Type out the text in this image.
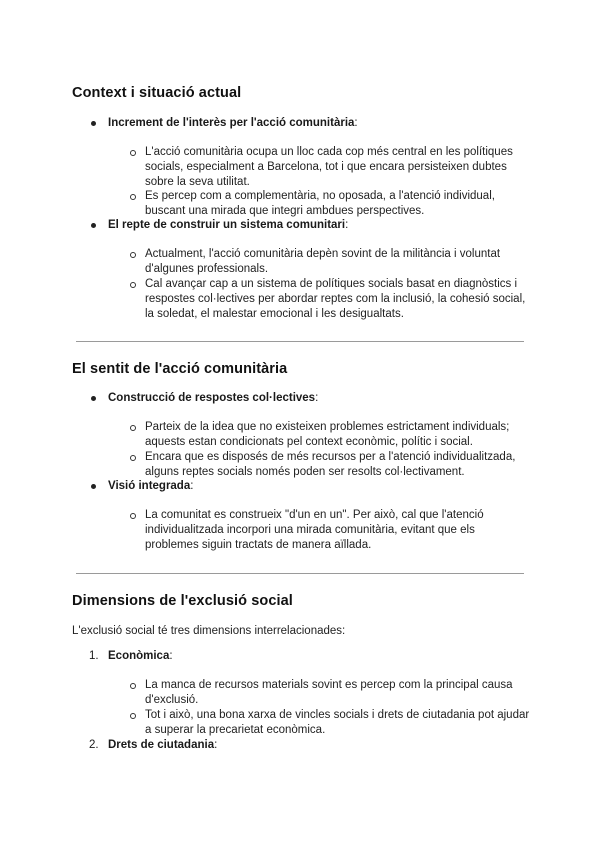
Context i situació actual
Increment de l'interès per l'acció comunitària:
L'acció comunitària ocupa un lloc cada cop més central en les polítiques socials, especialment a Barcelona, tot i que encara persisteixen dubtes sobre la seva utilitat.
Es percep com a complementària, no oposada, a l'atenció individual, buscant una mirada que integri ambdues perspectives.
El repte de construir un sistema comunitari:
Actualment, l'acció comunitària depèn sovint de la militància i voluntat d'algunes professionals.
Cal avançar cap a un sistema de polítiques socials basat en diagnòstics i respostes col·lectives per abordar reptes com la inclusió, la cohesió social, la soledat, el malestar emocional i les desigualtats.
El sentit de l'acció comunitària
Construcció de respostes col·lectives:
Parteix de la idea que no existeixen problemes estrictament individuals; aquests estan condicionats pel context econòmic, polític i social.
Encara que es disposés de més recursos per a l'atenció individualitzada, alguns reptes socials només poden ser resolts col·lectivament.
Visió integrada:
La comunitat es construeix "d'un en un". Per això, cal que l'atenció individualitzada incorpori una mirada comunitària, evitant que els problemes siguin tractats de manera aïllada.
Dimensions de l'exclusió social
L'exclusió social té tres dimensions interrelacionades:
1. Econòmica:
La manca de recursos materials sovint es percep com la principal causa d'exclusió.
Tot i això, una bona xarxa de vincles socials i drets de ciutadania pot ajudar a superar la precarietat econòmica.
2. Drets de ciutadania:
